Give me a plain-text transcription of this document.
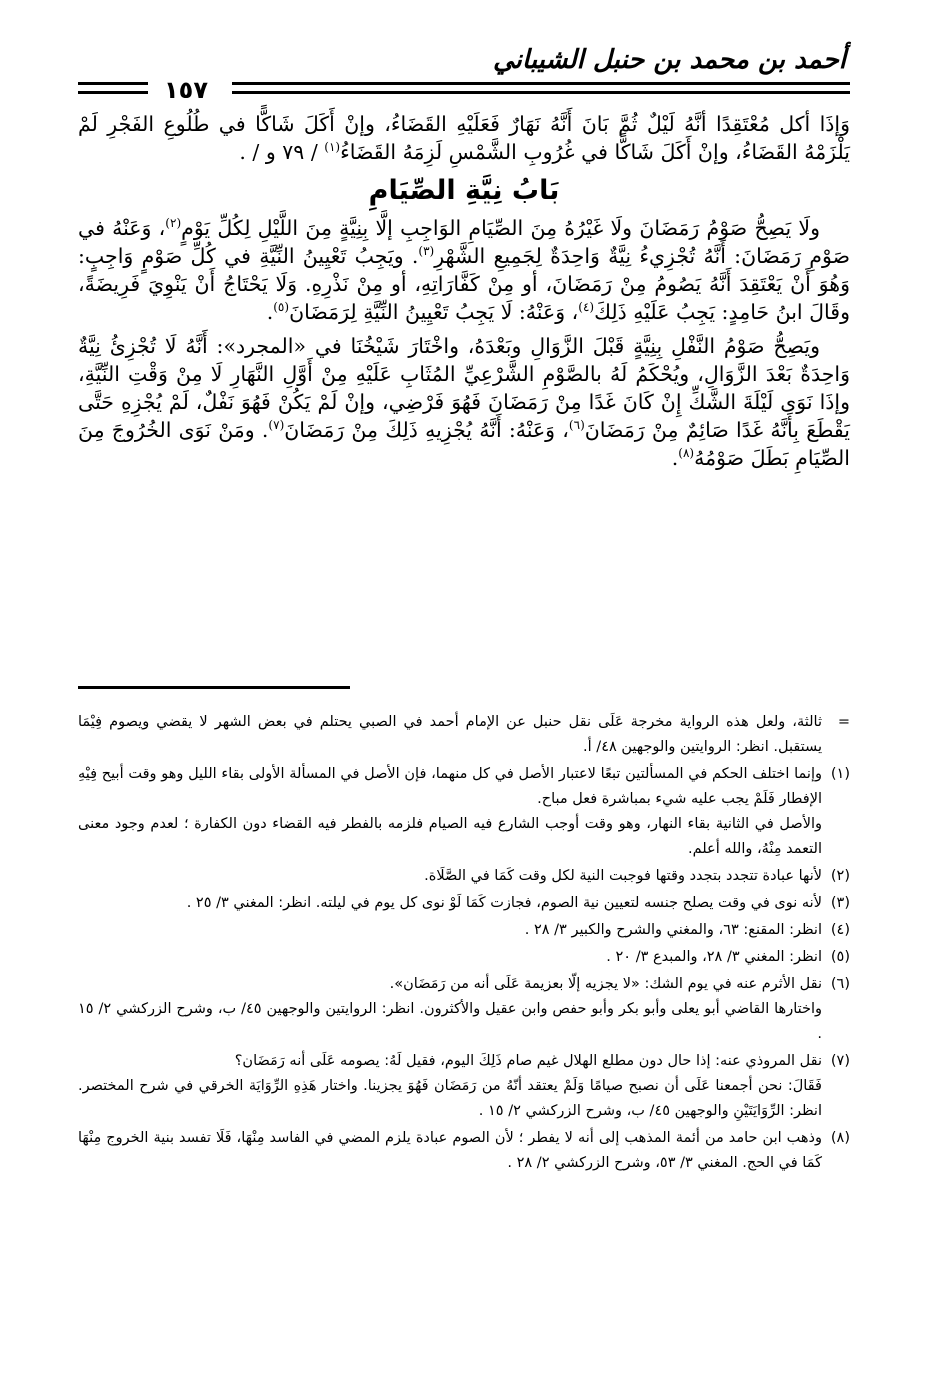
أحمد بن محمد بن حنبل الشيباني
١٥٧

وَإذَا أكل مُعْتَقِدًا أنَّهُ لَيْلٌ ثُمَّ بَانَ أَنَّهُ نَهَارٌ فَعَلَيْهِ القَضَاءُ، وإنْ أَكَلَ شَاكًّا في طُلُوعِ الفَجْرِ لَمْ يَلْزَمْهُ القَضَاءُ، وإنْ أَكَلَ شَاكًّا في غُرُوبِ الشَّمْسِ لَزِمَهُ القَضَاءُ$^{(١)}$ / ٧٩ و / .

بَابُ نِيَّةِ الصِّيَامِ

ولَا يَصِحُّ صَوْمُ رَمَضَانَ ولَا غَيْرُهُ مِنَ الصِّيَامِ الوَاجِبِ إلَّا بِنِيَّةٍ مِنَ اللَّيْلِ لِكُلِّ يَوْمٍ$^{(٢)}$، وَعَنْهُ في صَوْمِ رَمَضَانَ: أَنَّهُ تُجْزِيءُ نِيَّةٌ وَاحِدَةٌ لِجَمِيعِ الشَّهْرِ$^{(٣)}$. ويَجِبُ تَعْيِينُ النِّيَّةِ في كُلِّ صَوْمٍ وَاجِبٍ: وَهُوَ أَنْ يَعْتَقِدَ أَنَّهُ يَصُومُ مِنْ رَمَضَانَ، أو مِنْ كَفَّارَاتِهِ، أو مِنْ نَذْرِهِ. وَلَا يَحْتَاجُ أَنْ يَنْوِيَ فَرِيضَةً، وقَالَ ابنُ حَامِدٍ: يَجِبُ عَلَيْهِ ذَلِكَ$^{(٤)}$، وَعَنْهُ: لَا يَجِبُ تَعْيِينُ النِّيَّةِ لِرَمَضَانَ$^{(٥)}$.

ويَصِحُّ صَوْمُ النَّفْلِ بِنِيَّةٍ قَبْلَ الزَّوَالِ وبَعْدَهُ، واخْتَارَ شَيْخُنَا في «المجرد»: أَنَّهُ لَا تُجْزِئُ نِيَّةٌ وَاحِدَةٌ بَعْدَ الزَّوَالِ، ويُحْكَمُ لَهُ بالصَّوْمِ الشَّرْعِيِّ المُثَابِ عَلَيْهِ مِنْ أَوَّلِ النَّهَارِ لَا مِنْ وَقْتِ النِّيَّةِ، وإذَا نَوَى لَيْلَةَ الشَّكِّ إِنْ كَانَ غَدًا مِنْ رَمَضَانَ فَهُوَ فَرْضِي، وإنْ لَمْ يَكُنْ فَهُوَ نَفْلٌ، لَمْ يُجْزِهِ حَتَّى يَقْطَعَ بِأَنَّهُ غَدًا صَائِمٌ مِنْ رَمَضَانَ$^{(٦)}$، وَعَنْهُ: أَنَّهُ يُجْزِيهِ ذَلِكَ مِنْ رَمَضَانَ$^{(٧)}$. ومَنْ نَوَى الخُرُوجَ مِنَ الصِّيَامِ بَطَلَ صَوْمُهُ$^{(٨)}$.

=
ثالثة، ولعل هذه الرواية مخرجة عَلَى نقل حنبل عن الإمام أحمد في الصبي يحتلم في بعض الشهر لا يقضي ويصوم فِيْمَا يستقبل. انظر: الروايتين والوجهين ٤٨/ أ.
(١)
وإنما اختلف الحكم في المسألتين تبعًا لاعتبار الأصل في كل منهما، فإن الأصل في المسألة الأولى بقاء الليل وهو وقت أبيح فِيْهِ الإفطار فَلَمْ يجب عليه شيء بمباشرة فعل مباح.
والأصل في الثانية بقاء النهار، وهو وقت أوجب الشارع فيه الصيام فلزمه بالفطر فيه القضاء دون الكفارة ؛ لعدم وجود معنى التعمد مِنْهُ، والله أعلم.
(٢)
لأنها عبادة تتجدد بتجدد وقتها فوجبت النية لكل وقت كَمَا في الصَّلَاة.
(٣)
لأنه نوى في وقت يصلح جنسه لتعيين نية الصوم، فجازت كَمَا لَوْ نوى كل يوم في ليلته. انظر: المغني ٣/ ٢٥ .
(٤)
انظر: المقنع: ٦٣، والمغني والشرح والكبير ٣/ ٢٨ .
(٥)
انظر: المغني ٣/ ٢٨، والمبدع ٣/ ٢٠ .
(٦)
نقل الأثرم عنه في يوم الشك: «لا يجزيه إلّا بعزيمة عَلَى أنه من رَمَضَان».
واختارها القاضي أبو يعلى وأبو بكر وأبو حفص وابن عقيل والأكثرون. انظر: الروايتين والوجهين ٤٥/ ب، وشرح الزركشي ٢/ ١٥ .
(٧)
نقل المروذي عنه: إذا حال دون مطلع الهلال غيم صام ذَلِكَ اليوم، فقيل لَهُ: يصومه عَلَى أنه رَمَضَان؟
فَقَالَ: نحن أجمعنا عَلَى أن نصبح صيامًا وَلَمْ يعتقد أنّهُ من رَمَضَان فَهُوَ يجزينا. واختار هَذِهِ الرِّوَايَة الخرقي في شرح المختصر. انظر: الرِّوَايَتَيْنِ والوجهين ٤٥/ ب، وشرح الزركشي ٢/ ١٥ .
(٨)
وذهب ابن حامد من أئمة المذهب إلى أنه لا يفطر ؛ لأن الصوم عبادة يلزم المضي في الفاسد مِنْهَا، فَلَا تفسد بنية الخروج مِنْهَا كَمَا في الحج. المغني ٣/ ٥٣، وشرح الزركشي ٢/ ٢٨ .
